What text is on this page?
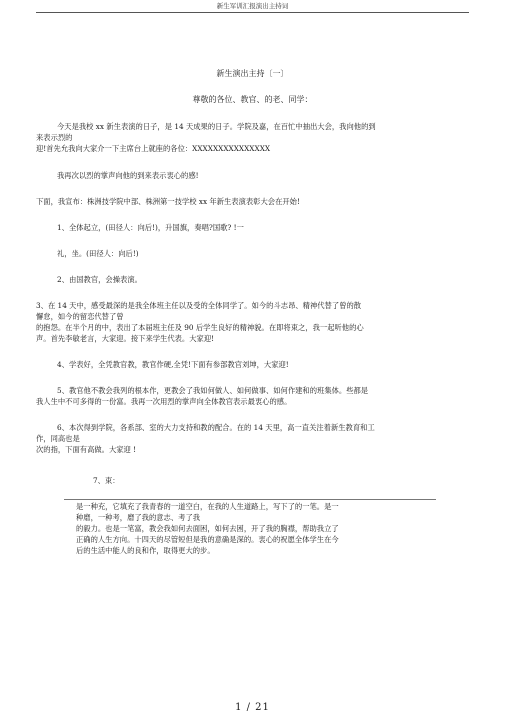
新生军训汇报演出主持词
新生演出主持〔一〕
尊敬的各位、教官、的老、同学：
今天是我校 xx 新生表演的日子，是 14 天成果的日子。学院及嘉，在百忙中抽出大会，我向他的到
来表示烈的
迎!首先允我向大家介一下主席台上就座的各位：XXXXXXXXXXXXXXX
我再次以烈的掌声向他的到来表示衷心的感!
下面，我宣布：株洲技学院中部、株洲第一技学校 xx 年新生表演表彰大会在开始!
1、全体起立，(田径人：向后!)，升国旗，奏唱?国歌? !一
礼，坐。(田径人：向后!)
2、由国教官，会操表演。
3、在 14 天中，感受最深的是我全体班主任以及受的全体同学了。如今的斗志昂、精神代替了曾的散
懈怠，如今的留恋代替了曾
的抱怨。在半个月的中，表出了本届班主任及 90 后学生良好的精神貌。在即将束之，我一起听他的心
声。首先李敏老言，大家迎。接下来学生代表。大家迎!
4、学表好，全凭教官教，教官作硬,全凭!下面有参部教官刘坤，大家迎!
5、教官他不教会我列的根本作，更教会了我如何做人、如何做事、如何作建和的班集体。些都是
我人生中不可多得的一份富。我再一次用烈的掌声向全体教官表示最衷心的感。
6、本次得到学院，各系部、室的大力支持和教的配合。在的 14 天里，高一直关注着新生教育和工
作，同高也是
次的指，下面有高做。大家迎 !
7、束：
是一种充，它填充了我青春的一道空白，在我的人生道路上，写下了的一笔。是一
种磨，一种考，磨了我的意志、考了我
的毅力。也是一笔富，教会我如何去面困，如何去困，开了我的胸襟，帮助我立了
正确的人生方向。十四天的尽管短但是我的意确是深的。衷心的祝愿全体学生在今
后的生活中能人的良和作，取得更大的步。
1 / 21
